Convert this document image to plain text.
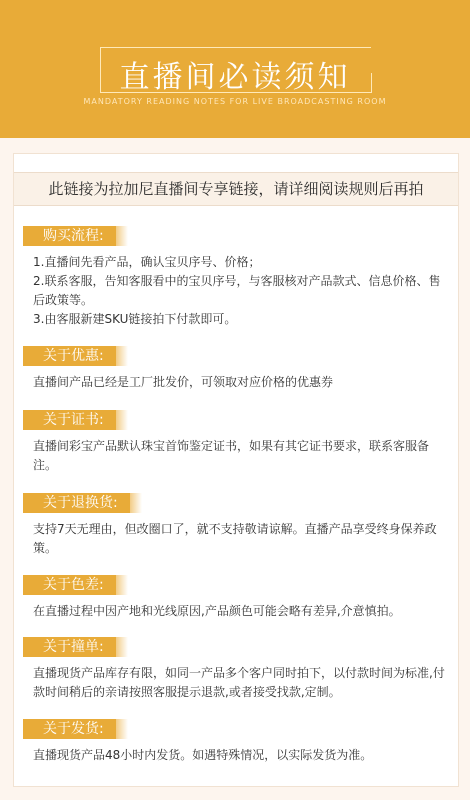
直播间必读须知
MANDATORY READING NOTES FOR LIVE BROADCASTING ROOM
此链接为拉加尼直播间专享链接，请详细阅读规则后再拍
购买流程:

1.直播间先看产品，确认宝贝序号、价格；

2.联系客服，告知客服看中的宝贝序号，与客服核对产品款式、信息价格、售后政策等。

3.由客服新建SKU链接拍下付款即可。

关于优惠:

直播间产品已经是工厂批发价，可领取对应价格的优惠券

关于证书:

直播间彩宝产品默认珠宝首饰鉴定证书，如果有其它证书要求，联系客服备注。

关于退换货:

支持7天无理由，但改圈口了，就不支持敬请谅解。直播产品享受终身保养政策。

关于色差:

在直播过程中因产地和光线原因,产品颜色可能会略有差异,介意慎拍。

关于撞单:

直播现货产品库存有限，如同一产品多个客户同时拍下，以付款时间为标准,付款时间稍后的亲请按照客服提示退款,或者接受找款,定制。

关于发货:

直播现货产品48小时内发货。如遇特殊情况，以实际发货为准。
